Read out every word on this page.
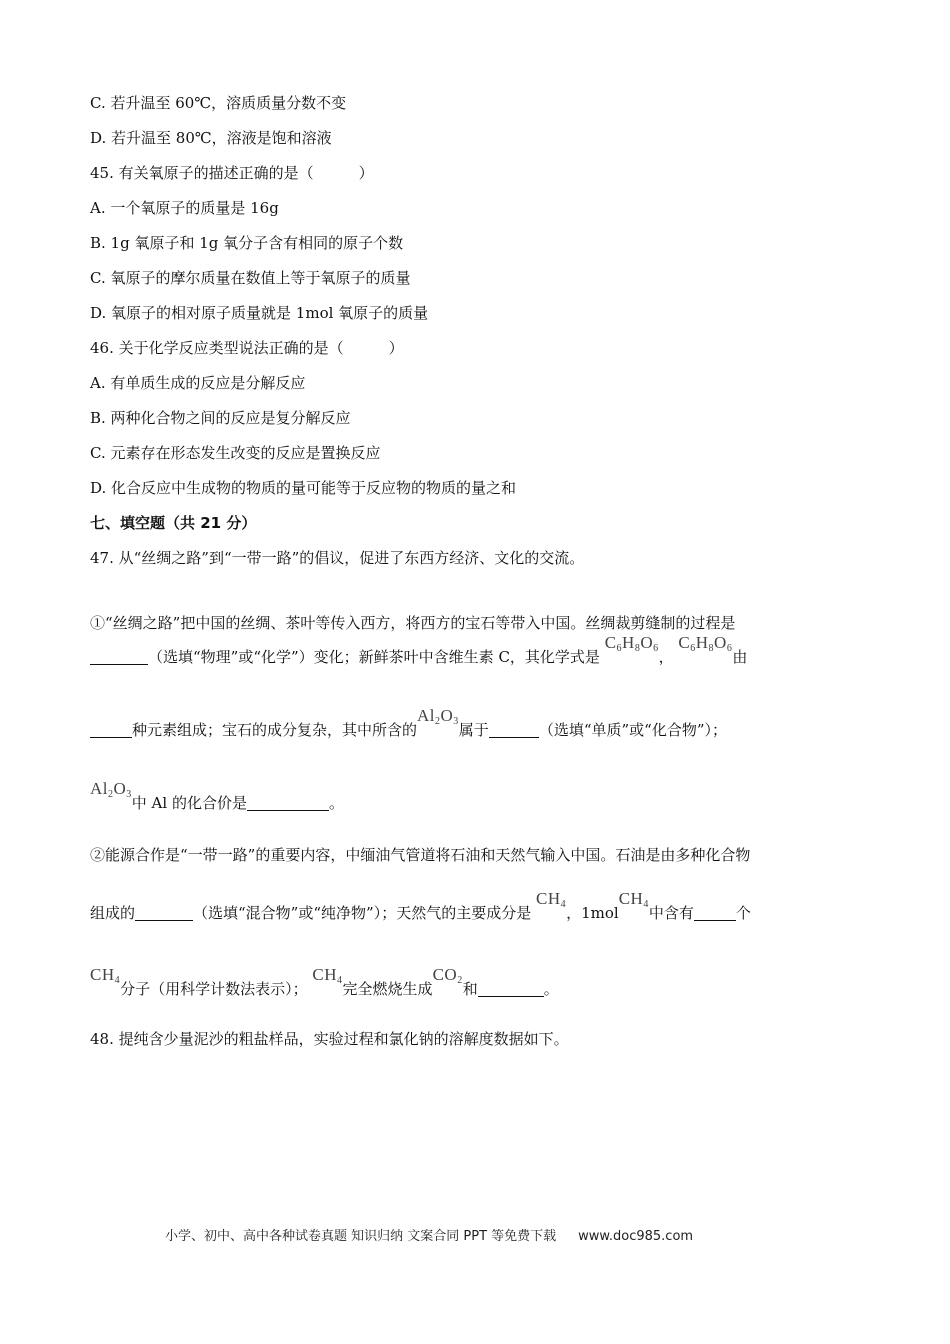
C. 若升温至 60℃，溶质质量分数不变
D. 若升温至 80℃，溶液是饱和溶液
45. 有关氧原子的描述正确的是（　　　）
A. 一个氧原子的质量是 16g
B. 1g 氧原子和 1g 氧分子含有相同的原子个数
C. 氧原子的摩尔质量在数值上等于氧原子的质量
D. 氧原子的相对原子质量就是 1mol 氧原子的质量
46. 关于化学反应类型说法正确的是（　　　）
A. 有单质生成的反应是分解反应
B. 两种化合物之间的反应是复分解反应
C. 元素存在形态发生改变的反应是置换反应
D. 化合反应中生成物的物质的量可能等于反应物的物质的量之和
七、填空题（共 21 分）
47. 从“丝绸之路”到“一带一路”的倡议，促进了东西方经济、文化的交流。
①“丝绸之路”把中国的丝绸、茶叶等传入西方，将西方的宝石等带入中国。丝绸裁剪缝制的过程是
（选填“物理”或“化学”）变化；新鲜茶叶中含维生素 C，其化学式是 $C_6H_8O_6$， $C_6H_8O_6$由
种元素组成；宝石的成分复杂，其中所含的$Al_2O_3$属于	（选填“单质”或“化合物”）；
$Al_2O_3$中 Al 的化合价是	。
②能源合作是“一带一路”的重要内容，中缅油气管道将石油和天然气输入中国。石油是由多种化合物
组成的	（选填“混合物”或“纯净物”）；天然气的主要成分是 $CH_4$，1molCH$_4$中含有	个
$CH_4$分子（用科学计数法表示）； $CH_4$完全燃烧生成$CO_2$和	。
48. 提纯含少量泥沙的粗盐样品，实验过程和氯化钠的溶解度数据如下。
小学、初中、高中各种试卷真题 知识归纳 文案合同 PPT 等免费下载 www.doc985.com
